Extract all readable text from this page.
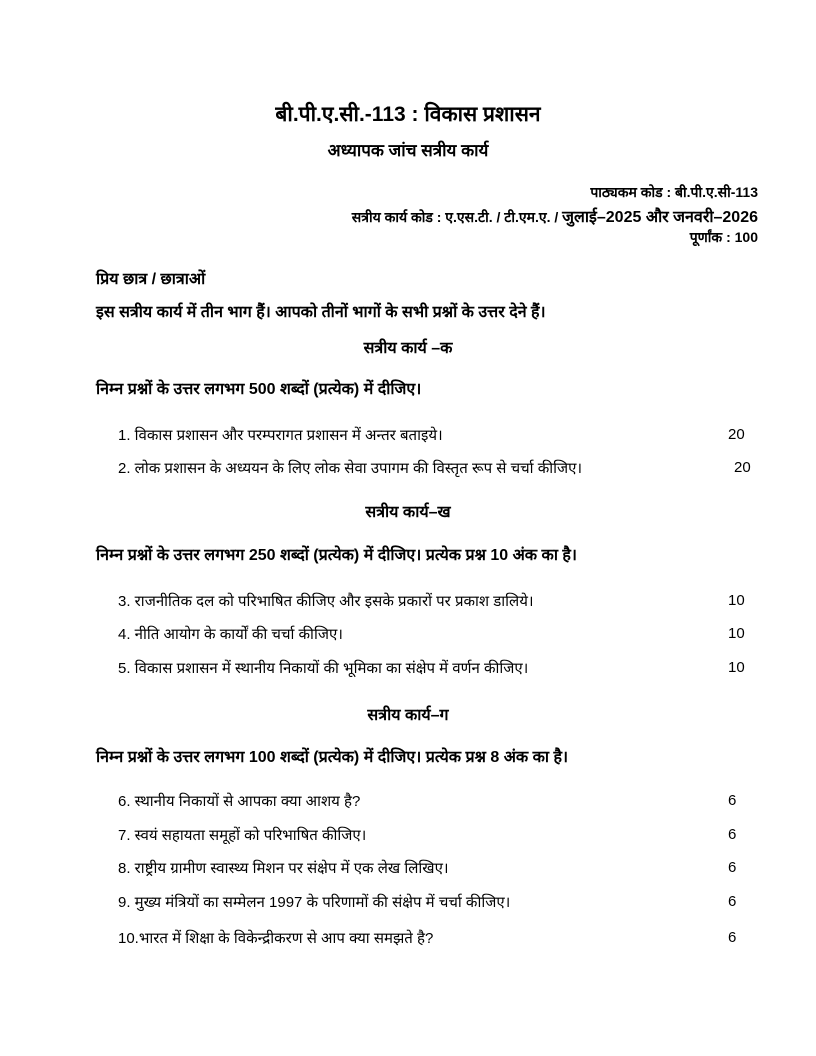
बी.पी.ए.सी.-113 : विकास प्रशासन
अध्यापक जांच सत्रीय कार्य
पाठ्यकम कोड : बी.पी.ए.सी-113
सत्रीय कार्य कोड : ए.एस.टी. / टी.एम.ए. / जुलाई–2025 और जनवरी–2026
पूर्णांक : 100
प्रिय छात्र / छात्राओं
इस सत्रीय कार्य में तीन भाग हैं। आपको तीनों भागों के सभी प्रश्नों के उत्तर देने हैं।
सत्रीय कार्य –क
निम्न प्रश्नों के उत्तर लगभग 500 शब्दों (प्रत्येक) में दीजिए।
1. विकास प्रशासन और परम्परागत प्रशासन में अन्तर बताइये।	20
2. लोक प्रशासन के अध्ययन के लिए लोक सेवा उपागम की विस्तृत रूप से चर्चा कीजिए।	20
सत्रीय कार्य–ख
निम्न प्रश्नों के उत्तर लगभग 250 शब्दों (प्रत्येक) में दीजिए। प्रत्येक प्रश्न 10 अंक का है।
3. राजनीतिक दल को परिभाषित कीजिए और इसके प्रकारों पर प्रकाश डालिये।	10
4. नीति आयोग के कार्यों की चर्चा कीजिए।	10
5. विकास प्रशासन में स्थानीय निकायों की भूमिका का संक्षेप में वर्णन कीजिए।	10
सत्रीय कार्य–ग
निम्न प्रश्नों के उत्तर लगभग 100 शब्दों (प्रत्येक) में दीजिए। प्रत्येक प्रश्न 8 अंक का है।
6. स्थानीय निकायों से आपका क्या आशय है?	6
7. स्वयं सहायता समूहों को परिभाषित कीजिए।	6
8. राष्ट्रीय ग्रामीण स्वास्थ्य मिशन पर संक्षेप में एक लेख लिखिए।	6
9. मुख्य मंत्रियों का सम्मेलन 1997 के परिणामों की संक्षेप में चर्चा कीजिए।	6
10.भारत में शिक्षा के विकेन्द्रीकरण से आप क्या समझते है?	6
